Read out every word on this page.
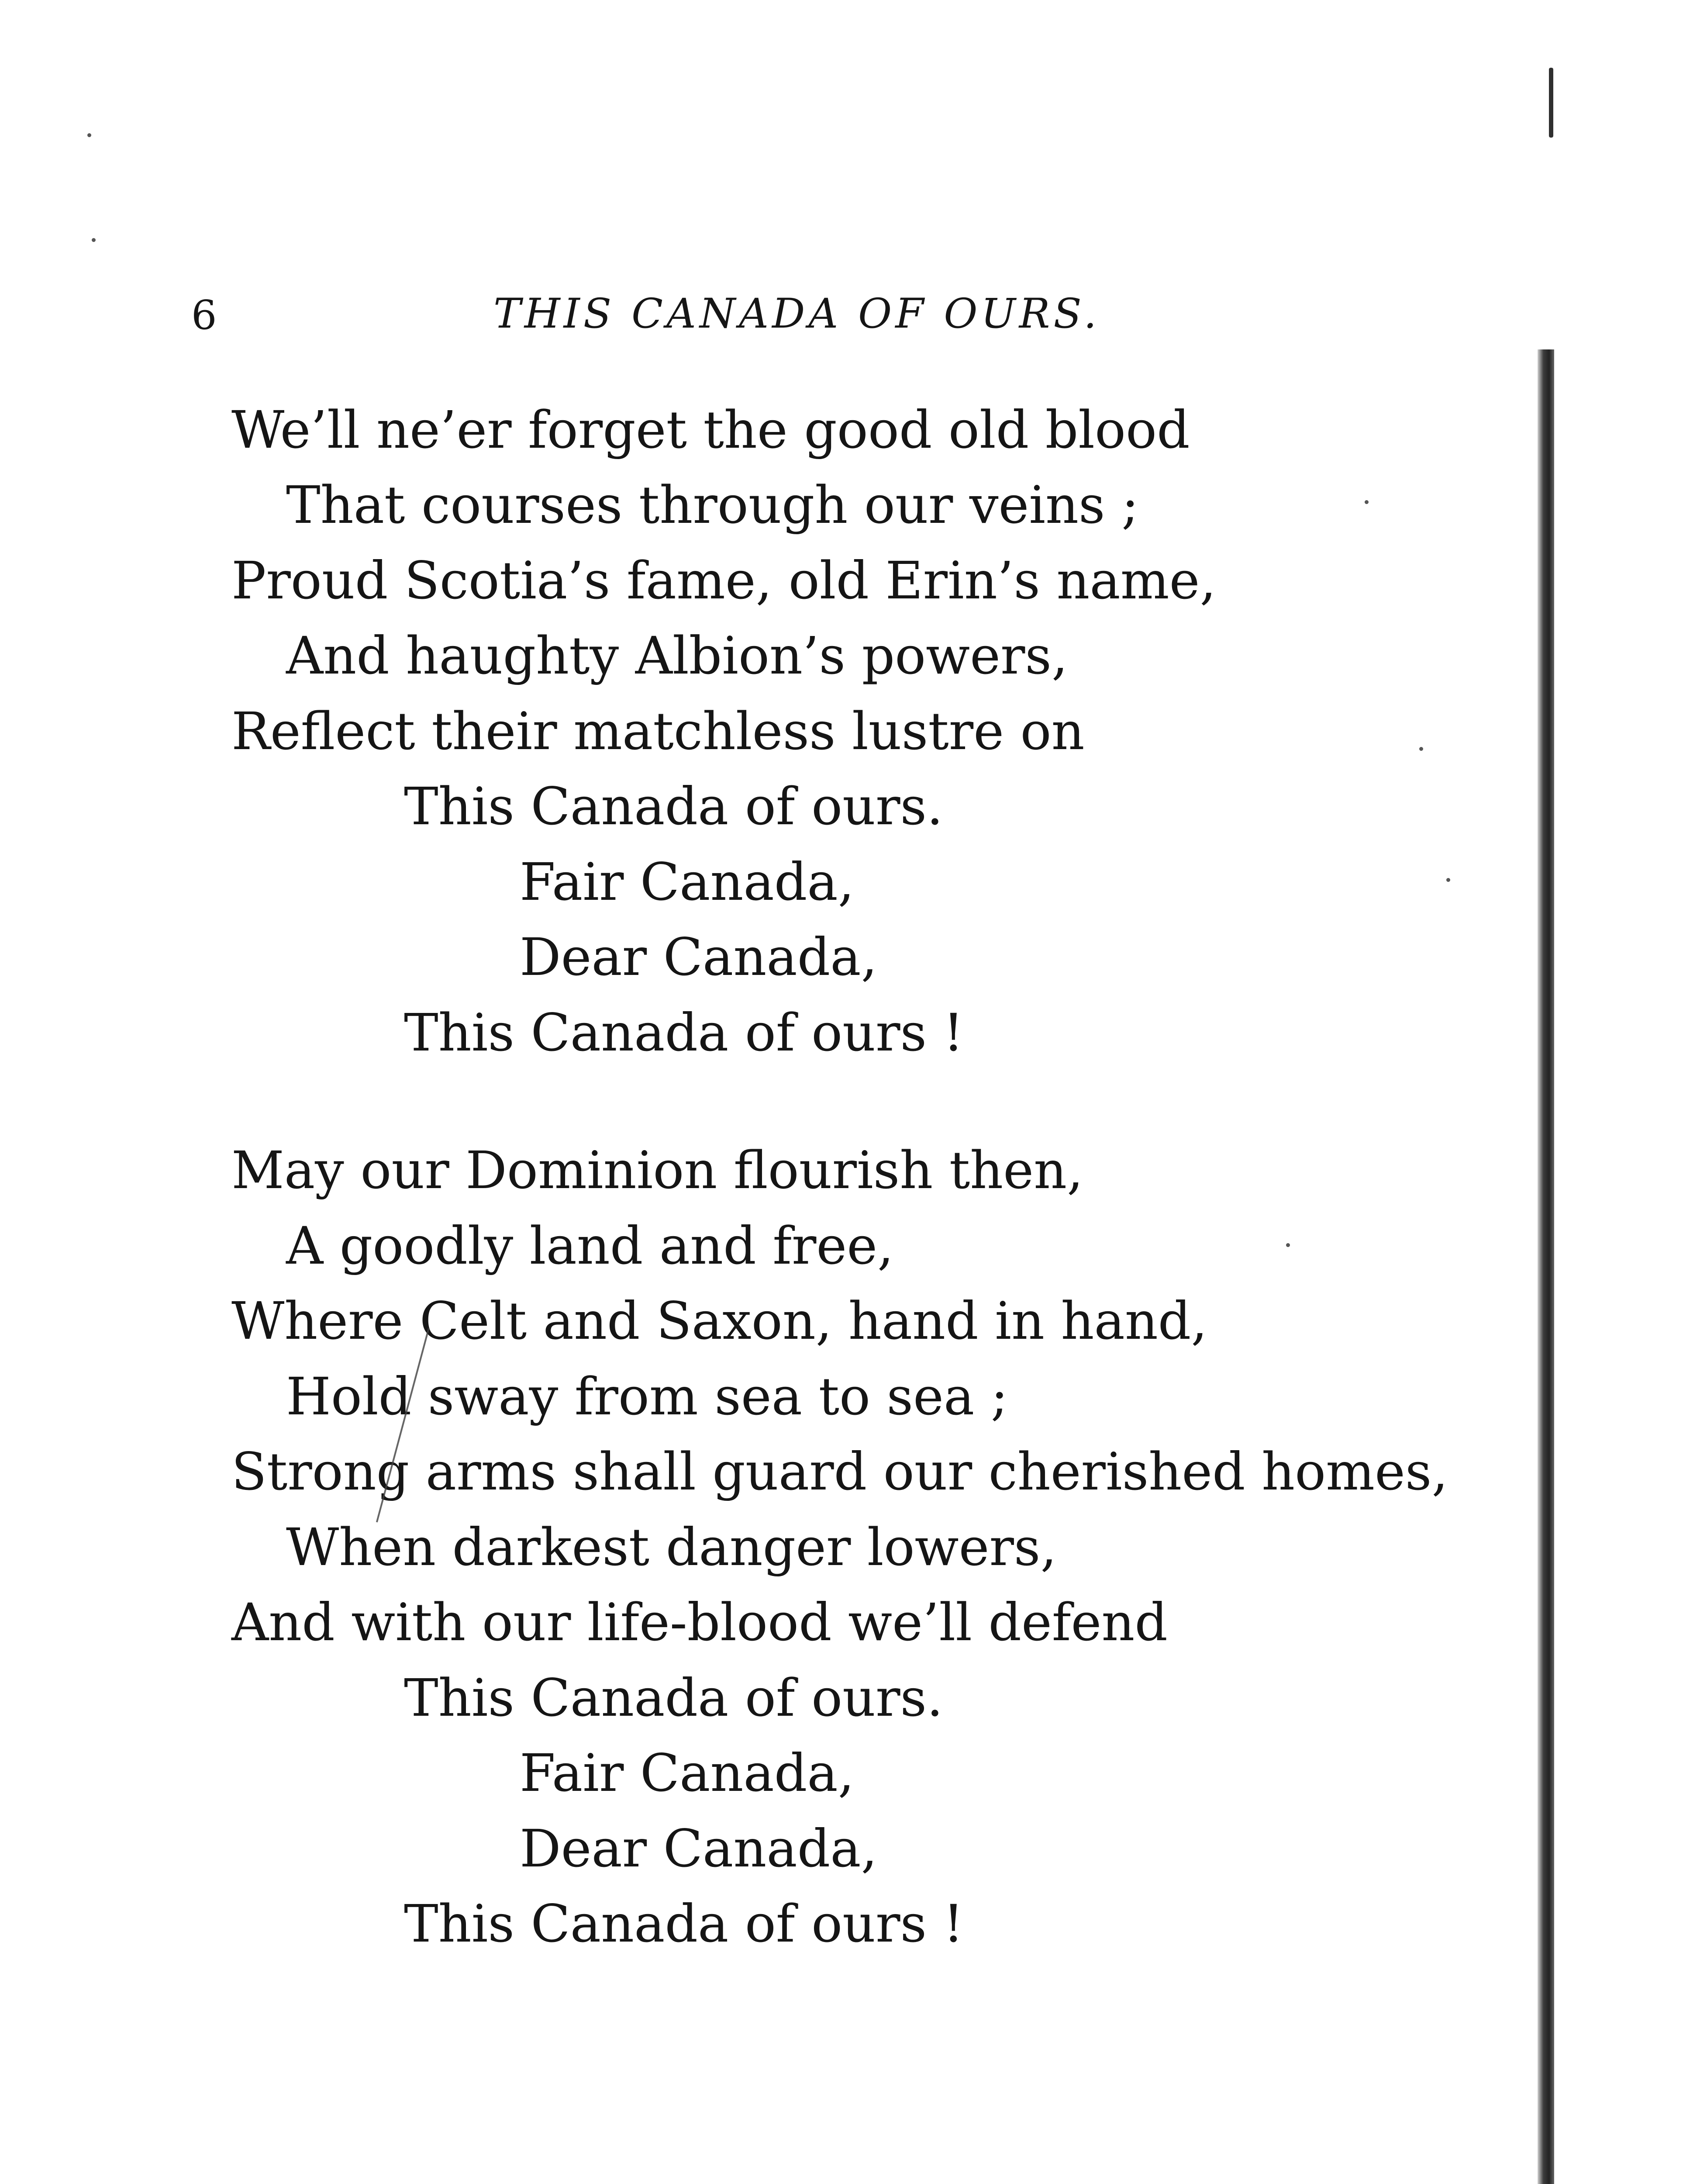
6	THIS CANADA OF OURS.
We’ll ne’er forget the good old blood
That courses through our veins ;
Proud Scotia’s fame, old Erin’s name,
And haughty Albion’s powers,
Reflect their matchless lustre on
This Canada of ours.
Fair Canada,
Dear Canada,
This Canada of ours !
May our Dominion flourish then,
A goodly land and free,
Where Celt and Saxon, hand in hand,
Hold sway from sea to sea ;
Strong arms shall guard our cherished homes,
When darkest danger lowers,
And with our life-blood we’ll defend
This Canada of ours.
Fair Canada,
Dear Canada,
This Canada of ours !
